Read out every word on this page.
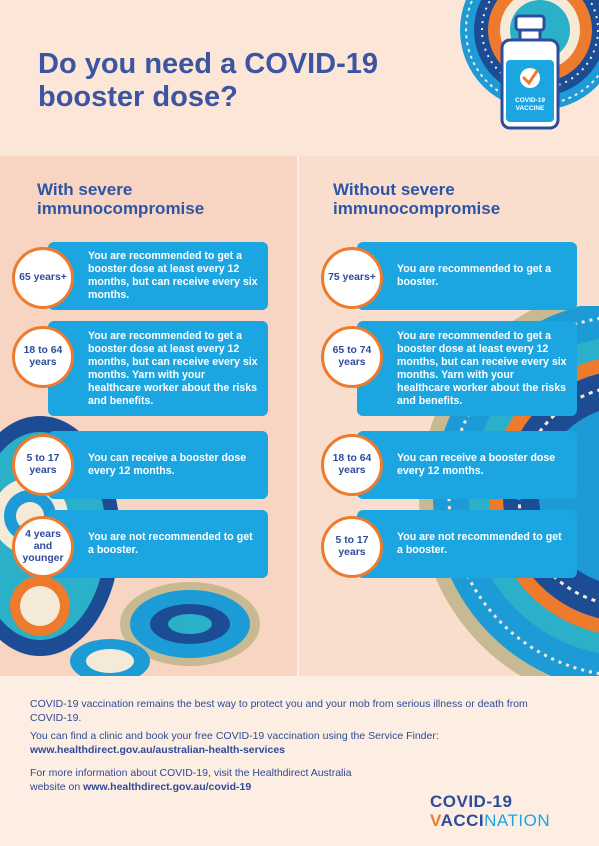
Do you need a COVID-19
booster dose?	COVID-19
VACCINE
With severe
immunocompromise
You are recommended to get a booster dose at least every 12 months, but can receive every six months.
65 years+
You are recommended to get a booster dose at least every 12 months, but can receive every six months. Yarn with your healthcare worker about the risks and benefits.
18 to 64 years
You can receive a booster dose every 12 months.
5 to 17 years
You are not recommended to get a booster.
4 years and younger
Without severe
immunocompromise
You are recommended to get a booster.
75 years+
You are recommended to get a booster dose at least every 12 months, but can receive every six months. Yarn with your healthcare worker about the risks and benefits.
65 to 74 years
You can receive a booster dose every 12 months.
18 to 64 years
You are not recommended to get a booster.
5 to 17 years

COVID-19 vaccination remains the best way to protect you and your mob from serious illness or death from COVID-19.

You can find a clinic and book your free COVID-19 vaccination using the Service Finder:
www.healthdirect.gov.au/australian-health-services

For more information about COVID-19, visit the Healthdirect Australia
website on www.healthdirect.gov.au/covid-19

COVID-19
VACCINATION
